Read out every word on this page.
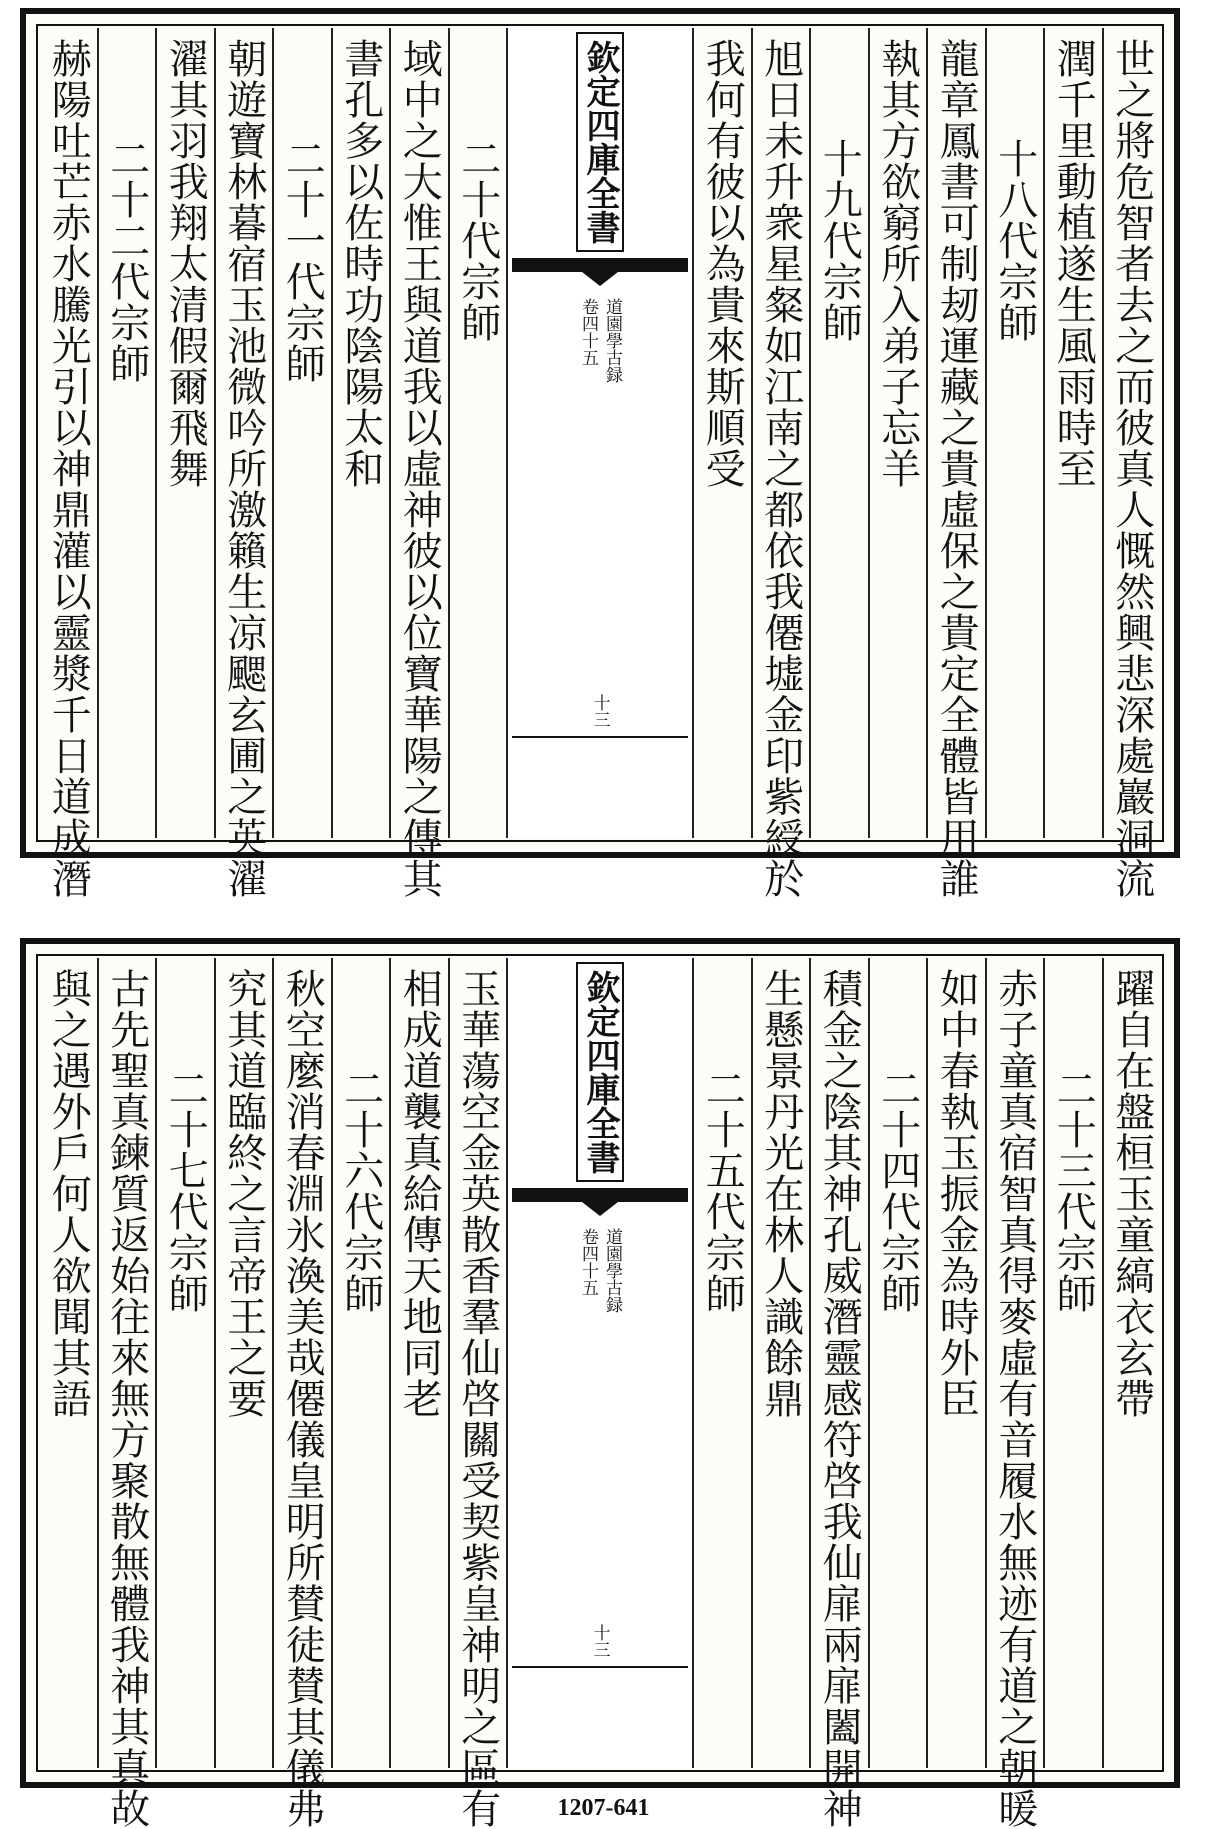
世之將危智者去之而彼真人慨然興悲深處巖洞流
潤千里動植遂生風雨時至
十八代宗師
龍章鳳書可制刼運藏之貴虛保之貴定全體皆用誰
執其方欲窮所入弟子忘羊
十九代宗師
旭日未升衆星粲如江南之都依我僊墟金印紫綬於
我何有彼以為貴來斯順受
欽定四庫全書
道園學古録
卷四十五
十三
二十代宗師
域中之大惟王與道我以虛神彼以位寶華陽之傳其
書孔多以佐時功陰陽太和
二十一代宗師
朝遊寶林暮宿玉池微吟所激籟生凉颸玄圃之英濯
濯其羽我翔太清假爾飛舞
二十二代宗師
赫陽吐芒赤水騰光引以神鼎灌以靈漿千日道成潛
躍自在盤桓玉童縞衣玄帶
二十三代宗師
赤子童真宿智真得麥虛有音履水無迹有道之朝暖
如中春執玉振金為時外臣
二十四代宗師
積金之陰其神孔威潛靈感符啓我仙扉兩扉闔開神
生懸景丹光在林人識餘鼎
二十五代宗師
欽定四庫全書
道園學古録
卷四十五
十三
玉華蕩空金英散香羣仙啓關受契紫皇神明之區有
相成道襲真給傳天地同老
二十六代宗師
秋空麼消春淵氷渙美哉僊儀皇明所賛徒賛其儀弗
究其道臨終之言帝王之要
二十七代宗師
古先聖真鍊質返始往來無方聚散無體我神其真故
與之遇外戶何人欲聞其語
1207-641
